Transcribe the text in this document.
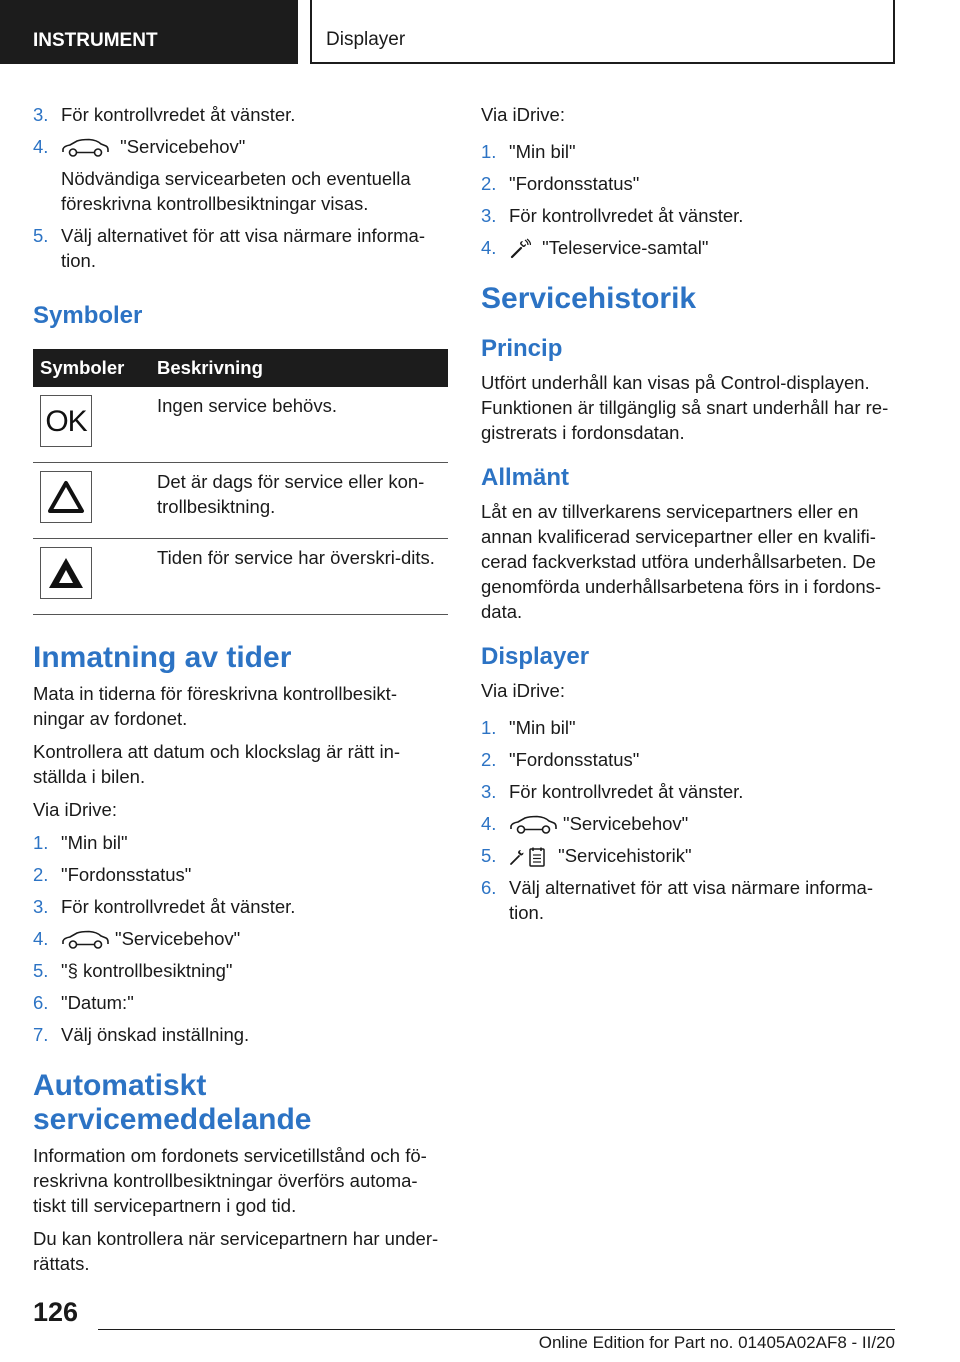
INSTRUMENT	Displayer
3. För kontrollvredet åt vänster.
4.	"Servicebehov"
Nödvändiga servicearbeten och eventuella föreskrivna kontrollbesiktningar visas.
5. Välj alternativet för att visa närmare informa-tion.
Symboler
Symboler	Beskrivning

OK	Ingen service behövs.

	Det är dags för service eller kon-trollbesiktning.

	Tiden för service har överskri-dits.
Inmatning av tider

Mata in tiderna för föreskrivna kontrollbesikt-ningar av fordonet.

Kontrollera att datum och klockslag är rätt in-ställda i bilen.

Via iDrive:

1. "Min bil"
2. "Fordonsstatus"
3. För kontrollvredet åt vänster.
4.	"Servicebehov"
5. "§ kontrollbesiktning"
6. "Datum:"
7. Välj önskad inställning.
Automatiskt servicemeddelande

Information om fordonets servicetillstånd och fö-reskrivna kontrollbesiktningar överförs automa-tiskt till servicepartnern i god tid.

Du kan kontrollera när servicepartnern har under-rättats.

Via iDrive:

1. "Min bil"
2. "Fordonsstatus"
3. För kontrollvredet åt vänster.
4. "Teleservice-samtal"
Servicehistorik
Princip

Utfört underhåll kan visas på Control-displayen. Funktionen är tillgänglig så snart underhåll har re-gistrerats i fordonsdatan.

Allmänt

Låt en av tillverkarens servicepartners eller en annan kvalificerad servicepartner eller en kvalifi-cerad fackverkstad utföra underhållsarbeten. De genomförda underhållsarbetena förs in i fordons-data.

Displayer

Via iDrive:

1. "Min bil"
2. "Fordonsstatus"
3. För kontrollvredet åt vänster.
4.	"Servicebehov"
5.	"Servicehistorik"
6. Välj alternativet för att visa närmare informa-tion.
126
Online Edition for Part no. 01405A02AF8 - II/20
